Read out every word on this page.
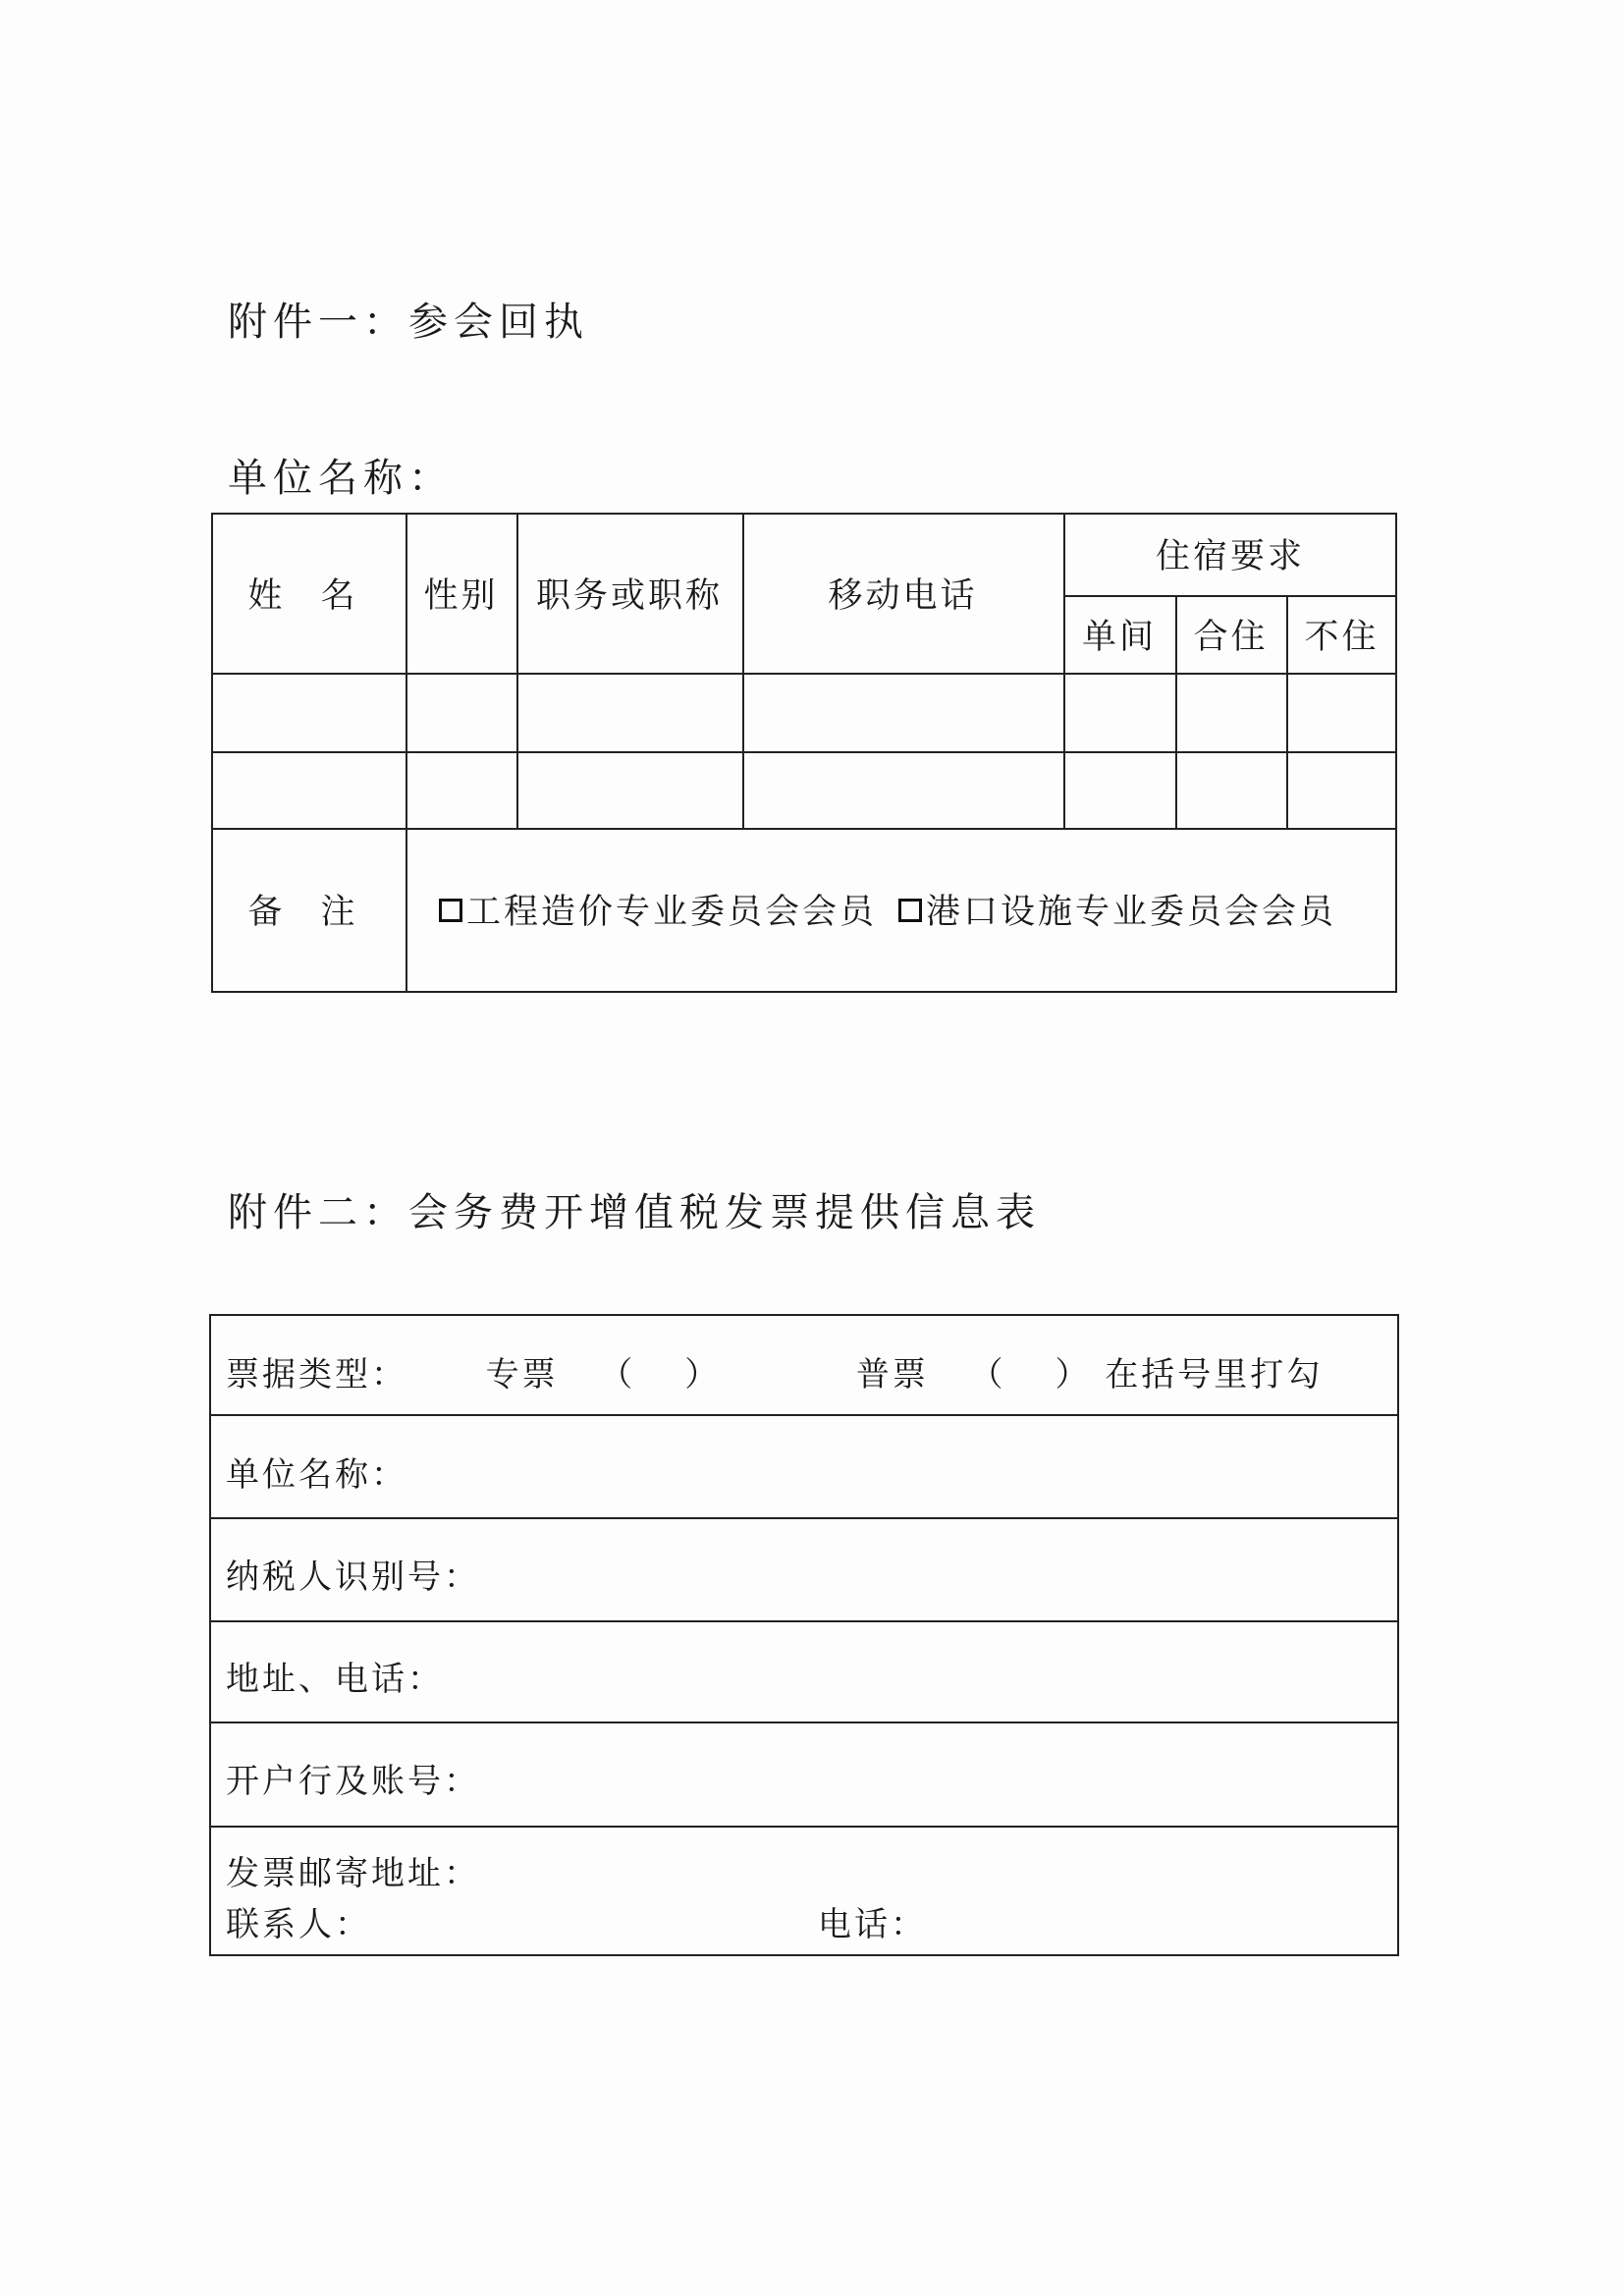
附件一：参会回执
单位名称：
姓 名	性别	职务或职称	移动电话
住宿要求
单间	合住	不住
备 注	工程造价专业委员会会员	港口设施专业委员会会员
附件二：会务费开增值税发票提供信息表
票据类型： 专票 （ ）	普票 （ ） 在括号里打勾
单位名称：
纳税人识别号：
地址、电话：
开户行及账号：
发票邮寄地址：
联系人：	电话：
